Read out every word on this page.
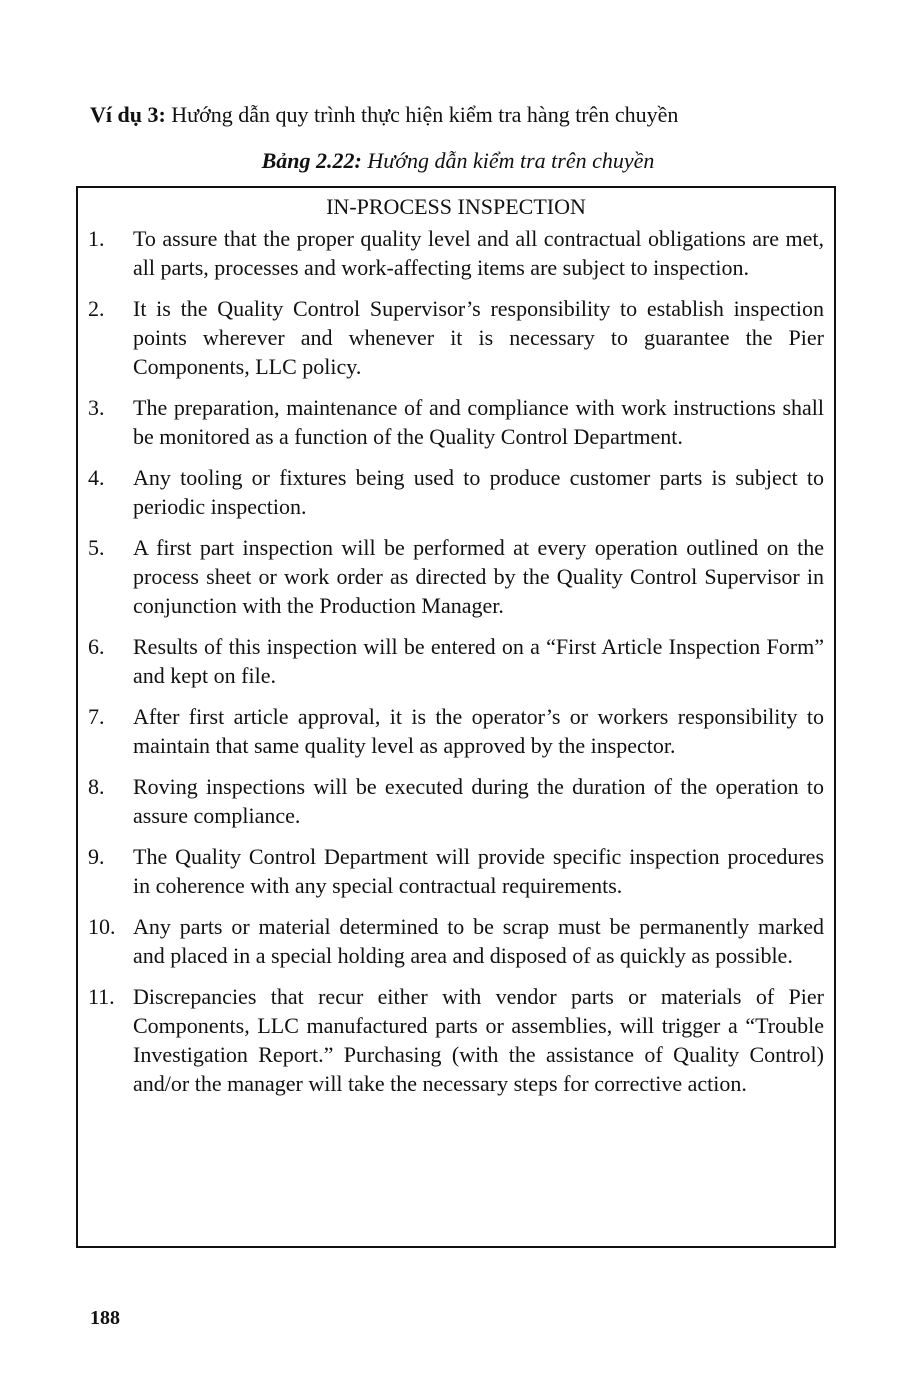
Ví dụ 3: Hướng dẫn quy trình thực hiện kiểm tra hàng trên chuyền
Bảng 2.22: Hướng dẫn kiểm tra trên chuyền
IN-PROCESS INSPECTION
1. To assure that the proper quality level and all contractual obligations are met, all parts, processes and work-affecting items are subject to inspection.
2. It is the Quality Control Supervisor’s responsibility to establish inspection points wherever and whenever it is necessary to guarantee the Pier Components, LLC policy.
3. The preparation, maintenance of and compliance with work instructions shall be monitored as a function of the Quality Control Department.
4. Any tooling or fixtures being used to produce customer parts is subject to periodic inspection.
5. A first part inspection will be performed at every operation outlined on the process sheet or work order as directed by the Quality Control Supervisor in conjunction with the Production Manager.
6. Results of this inspection will be entered on a “First Article Inspection Form” and kept on file.
7. After first article approval, it is the operator’s or workers responsibility to maintain that same quality level as approved by the inspector.
8. Roving inspections will be executed during the duration of the operation to assure compliance.
9. The Quality Control Department will provide specific inspection procedures in coherence with any special contractual requirements.
10. Any parts or material determined to be scrap must be permanently marked and placed in a special holding area and disposed of as quickly as possible.
11. Discrepancies that recur either with vendor parts or materials of Pier Components, LLC manufactured parts or assemblies, will trigger a “Trouble Investigation Report.” Purchasing (with the assistance of Quality Control) and/or the manager will take the necessary steps for corrective action.
188
